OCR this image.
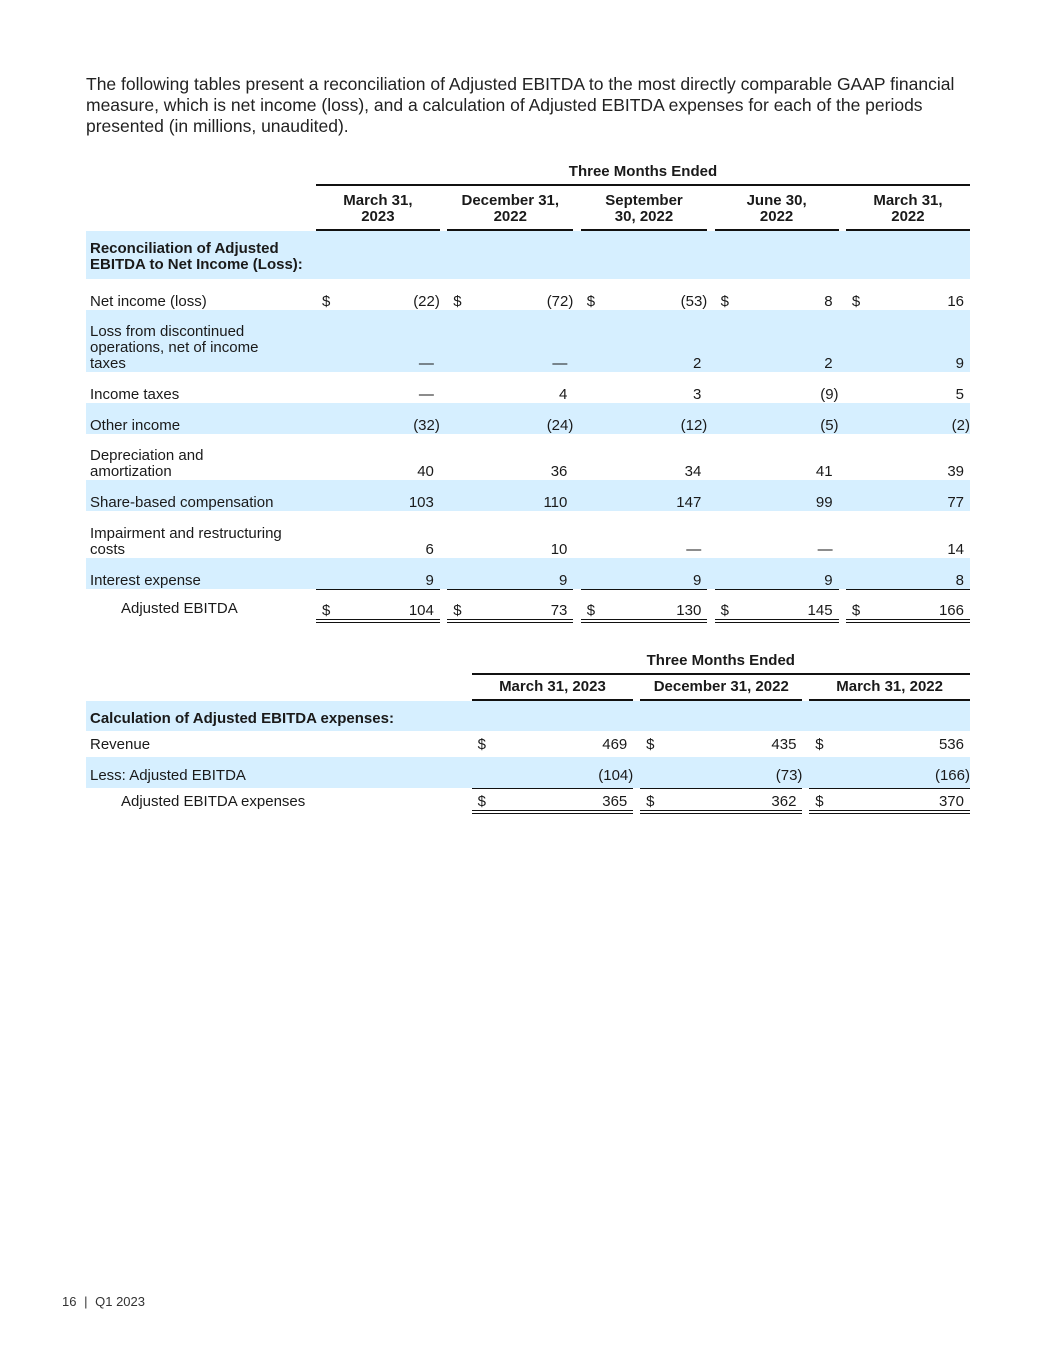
The following tables present a reconciliation of Adjusted EBITDA to the most directly comparable GAAP financial measure, which is net income (loss), and a calculation of Adjusted EBITDA expenses for each of the periods presented (in millions, unaudited).
	Three Months Ended													

	March 31,
2023			December 31,
2022			September
30, 2022			June 30,
2022			March 31,
2022	

Reconciliation of Adjusted
EBITDA to Net Income (Loss):														

Net income (loss)	$	(22)		$	(72)		$	(53)		$	8		$	16

Loss from discontinued
operations, net of income
taxes		—			—			2			2			9
Income taxes		—			4			3			(9)			5
Other income		(32)			(24)			(12)			(5)			(2)

Depreciation and
amortization		40			36			34			41			39
Share-based compensation		103			110			147			99			77

Impairment and restructuring
costs		6			10			—			—			14
Interest expense		9			9			9			9			8
Adjusted EBITDA	$	104		$	73		$	130		$	145		$	166
	Three Months Ended							

	March 31, 2023			December 31, 2022			March 31, 2022	

Calculation of Adjusted EBITDA expenses:								
Revenue	$	469		$	435		$	536
Less: Adjusted EBITDA		(104)			(73)			(166)
Adjusted EBITDA expenses	$	365		$	362		$	370
16 | Q1 2023
